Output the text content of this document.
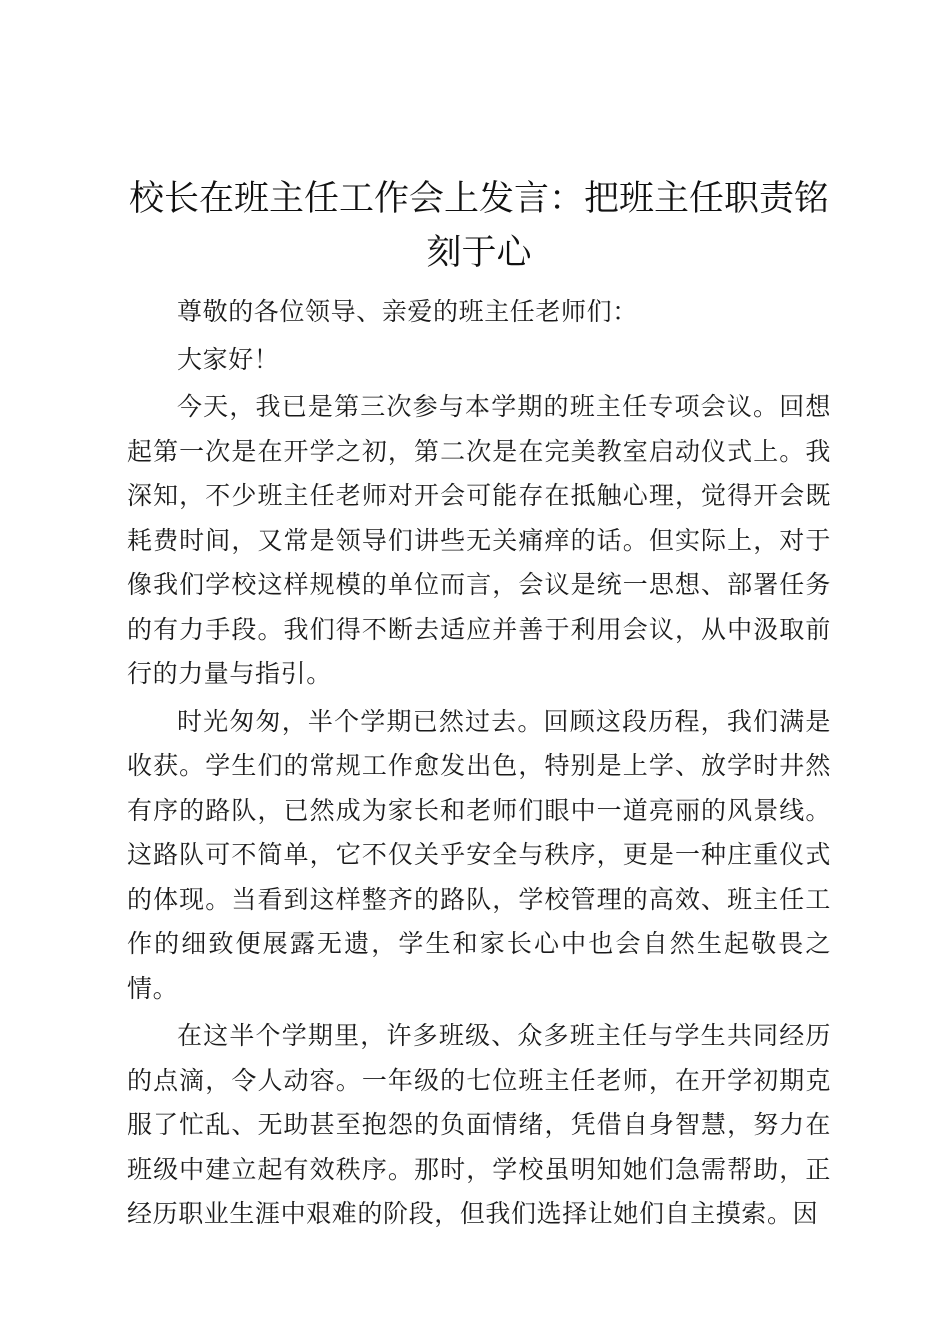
校长在班主任工作会上发言：把班主任职责铭刻于心

尊敬的各位领导、亲爱的班主任老师们：

大家好！

今天，我已是第三次参与本学期的班主任专项会议。回想起第一次是在开学之初，第二次是在完美教室启动仪式上。我深知，不少班主任老师对开会可能存在抵触心理，觉得开会既耗费时间，又常是领导们讲些无关痛痒的话。但实际上，对于像我们学校这样规模的单位而言，会议是统一思想、部署任务的有力手段。我们得不断去适应并善于利用会议，从中汲取前行的力量与指引。

时光匆匆，半个学期已然过去。回顾这段历程，我们满是收获。学生们的常规工作愈发出色，特别是上学、放学时井然有序的路队，已然成为家长和老师们眼中一道亮丽的风景线。这路队可不简单，它不仅关乎安全与秩序，更是一种庄重仪式的体现。当看到这样整齐的路队，学校管理的高效、班主任工作的细致便展露无遗，学生和家长心中也会自然生起敬畏之情。

在这半个学期里，许多班级、众多班主任与学生共同经历的点滴，令人动容。一年级的七位班主任老师，在开学初期克服了忙乱、无助甚至抱怨的负面情绪，凭借自身智慧，努力在班级中建立起有效秩序。那时，学校虽明知她们急需帮助，正经历职业生涯中艰难的阶段，但我们选择让她们自主摸索。因
